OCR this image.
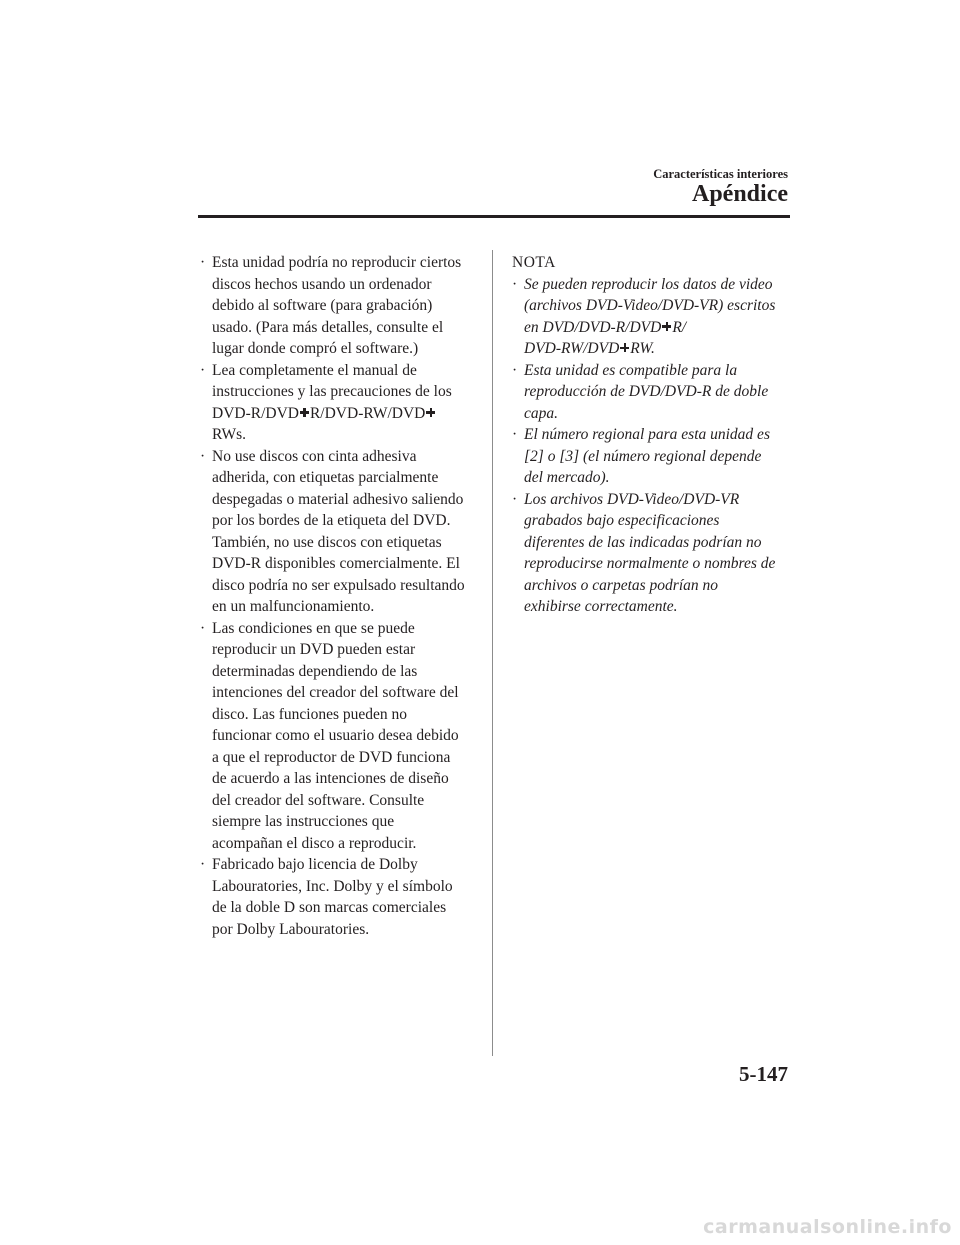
Características interiores
Apéndice
· Esta unidad podría no reproducir ciertos
discos hechos usando un ordenador
debido al software (para grabación)
usado. (Para más detalles, consulte el
lugar donde compró el software.)
· Lea completamente el manual de
instrucciones y las precauciones de los
DVD-R/DVD R/DVD-RW/DVD
RWs.
· No use discos con cinta adhesiva
adherida, con etiquetas parcialmente
despegadas o material adhesivo saliendo
por los bordes de la etiqueta del DVD.
También, no use discos con etiquetas
DVD-R disponibles comercialmente. El
disco podría no ser expulsado resultando
en un malfuncionamiento.
· Las condiciones en que se puede
reproducir un DVD pueden estar
determinadas dependiendo de las
intenciones del creador del software del
disco. Las funciones pueden no
funcionar como el usuario desea debido
a que el reproductor de DVD funciona
de acuerdo a las intenciones de diseño
del creador del software. Consulte
siempre las instrucciones que
acompañan el disco a reproducir.
· Fabricado bajo licencia de Dolby
Labouratories, Inc. Dolby y el símbolo
de la doble D son marcas comerciales
por Dolby Labouratories.
NOTA
· Se pueden reproducir los datos de video
(archivos DVD-Video/DVD-VR) escritos
en DVD/DVD-R/DVD R/
DVD-RW/DVD RW.
· Esta unidad es compatible para la
reproducción de DVD/DVD-R de doble
capa.
· El número regional para esta unidad es
[2] o [3] (el número regional depende
del mercado).
· Los archivos DVD-Video/DVD-VR
grabados bajo especificaciones
diferentes de las indicadas podrían no
reproducirse normalmente o nombres de
archivos o carpetas podrían no
exhibirse correctamente.
5-147
carmanualsonline.info
